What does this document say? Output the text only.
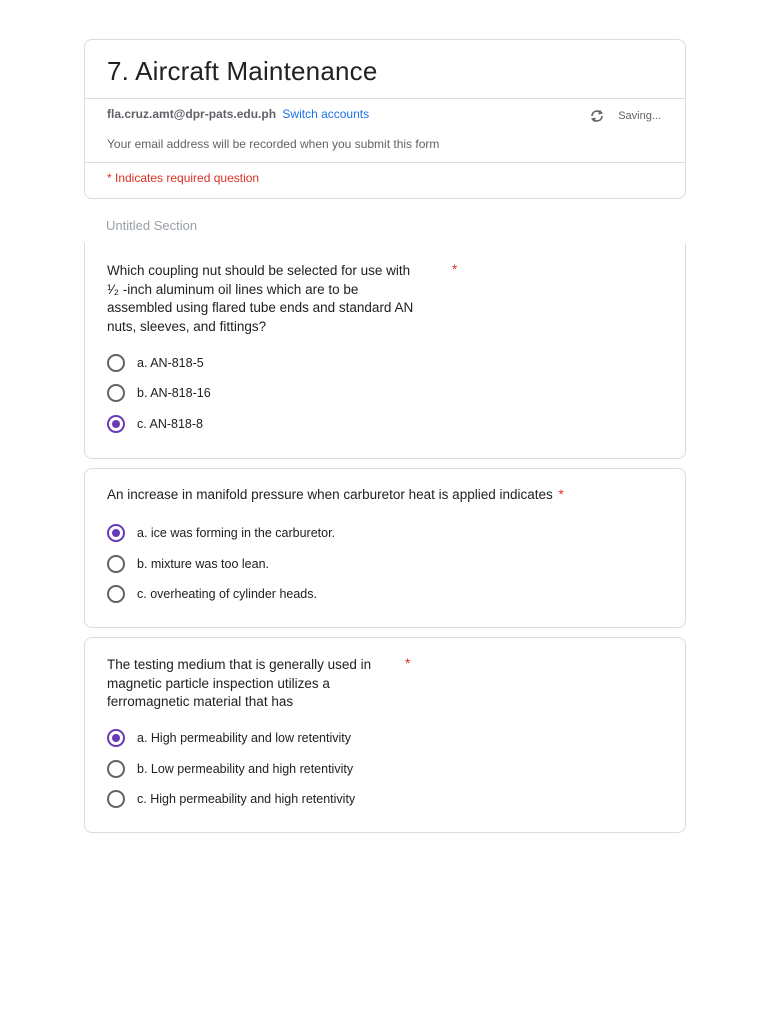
7. Aircraft Maintenance
fla.cruz.amt@dpr-pats.edu.ph Switch accounts	Saving...
Your email address will be recorded when you submit this form
* Indicates required question
Untitled Section
Which coupling nut should be selected for use with
¹⁄₂ -inch aluminum oil lines which are to be
assembled using flared tube ends and standard AN
nuts, sleeves, and fittings?
*
a. AN-818-5
b. AN-818-16
c. AN-818-8
An increase in manifold pressure when carburetor heat is applied indicates *
a. ice was forming in the carburetor.
b. mixture was too lean.
c. overheating of cylinder heads.
The testing medium that is generally used in
magnetic particle inspection utilizes a
ferromagnetic material that has
*
a. High permeability and low retentivity
b. Low permeability and high retentivity
c. High permeability and high retentivity
